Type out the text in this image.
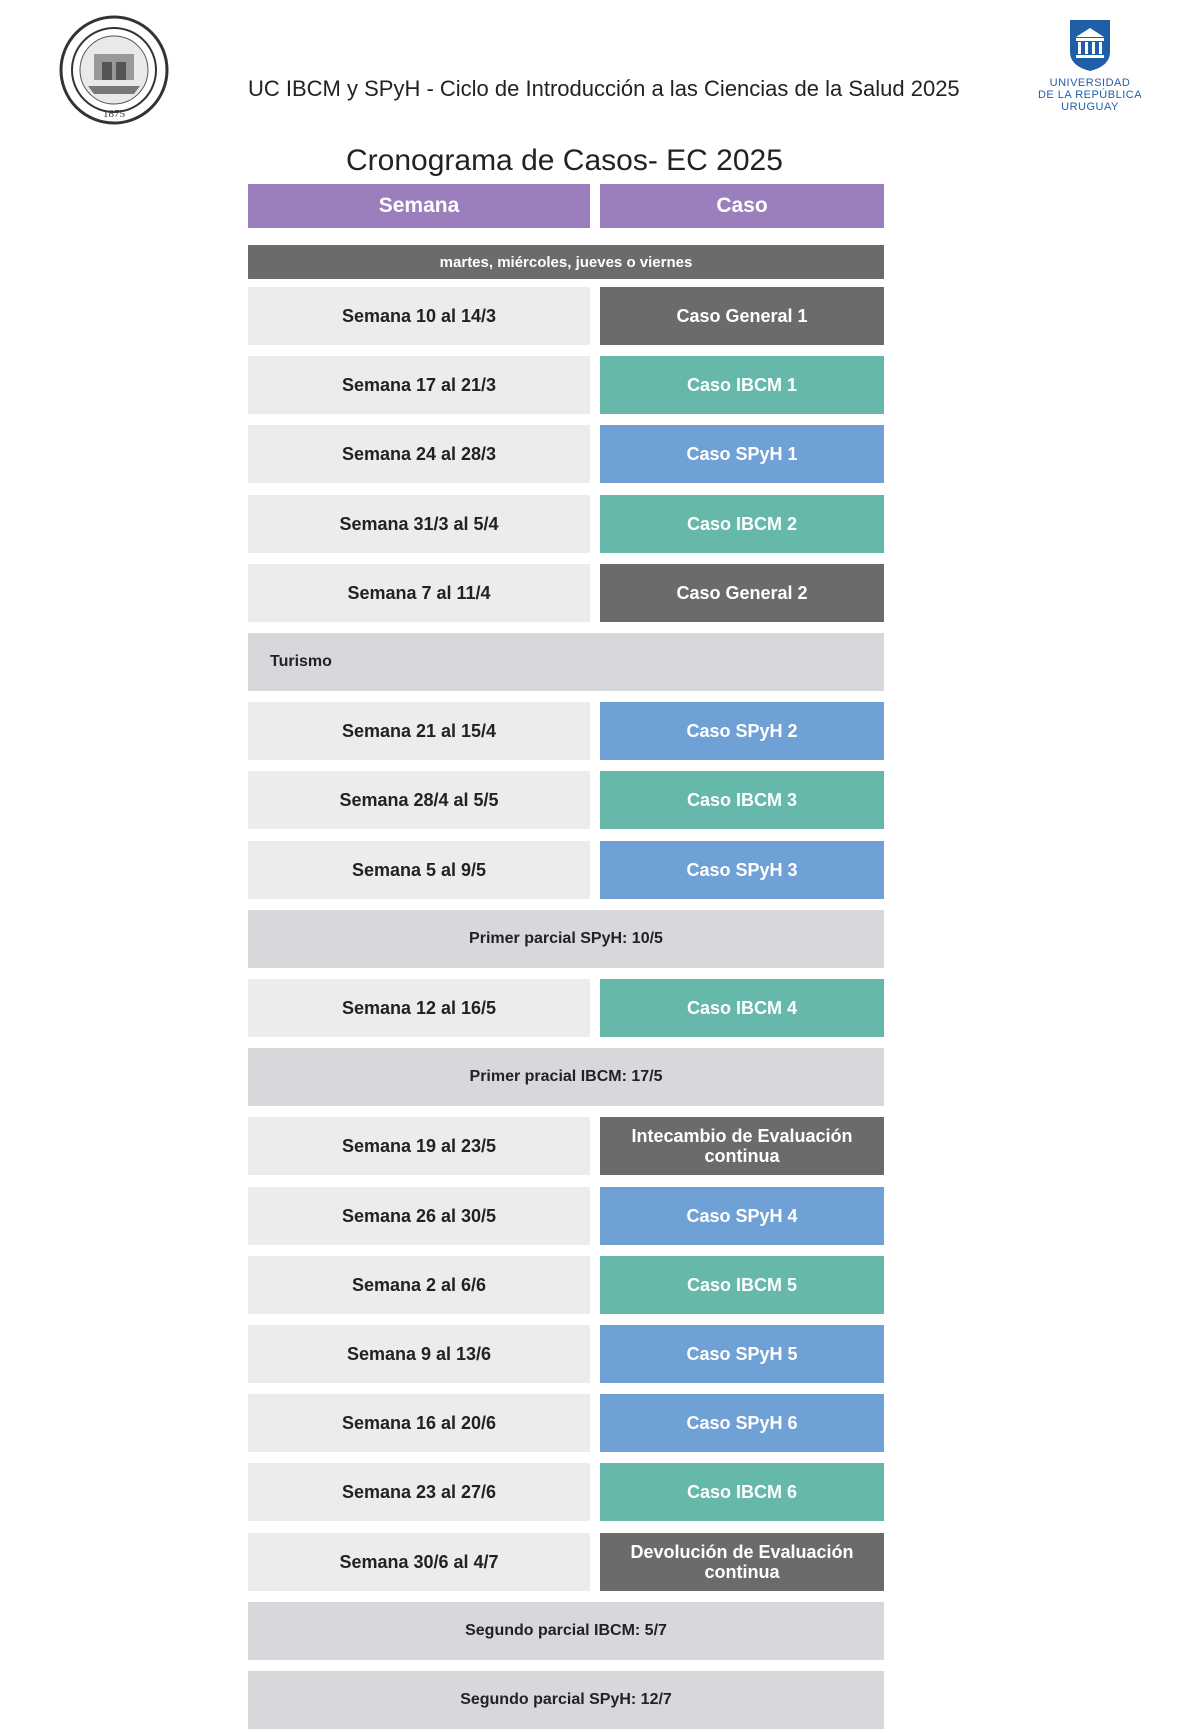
1875
UNIVERSIDAD
DE LA REPÚBLICA
URUGUAY
UC IBCM y SPyH - Ciclo de Introducción a las Ciencias de la Salud 2025
Cronograma de Casos- EC 2025
Semana	Caso
martes, miércoles, jueves o viernes
Semana 10 al 14/3	Caso General 1
Semana 17 al 21/3	Caso IBCM 1
Semana 24 al 28/3	Caso SPyH 1
Semana 31/3 al 5/4	Caso IBCM 2
Semana 7 al 11/4	Caso General 2
Turismo
Semana 21 al 15/4	Caso SPyH 2
Semana 28/4 al 5/5	Caso IBCM 3
Semana 5 al 9/5	Caso SPyH 3
Primer parcial SPyH: 10/5
Semana 12 al 16/5	Caso IBCM 4
Primer pracial IBCM: 17/5
Semana 19 al 23/5	Intecambio de Evaluación continua
Semana 26 al 30/5	Caso SPyH 4
Semana 2 al 6/6	Caso IBCM 5
Semana 9 al 13/6	Caso SPyH 5
Semana 16 al 20/6	Caso SPyH 6
Semana 23 al 27/6	Caso IBCM 6
Semana 30/6 al 4/7	Devolución de Evaluación continua
Segundo parcial IBCM: 5/7
Segundo parcial SPyH: 12/7
